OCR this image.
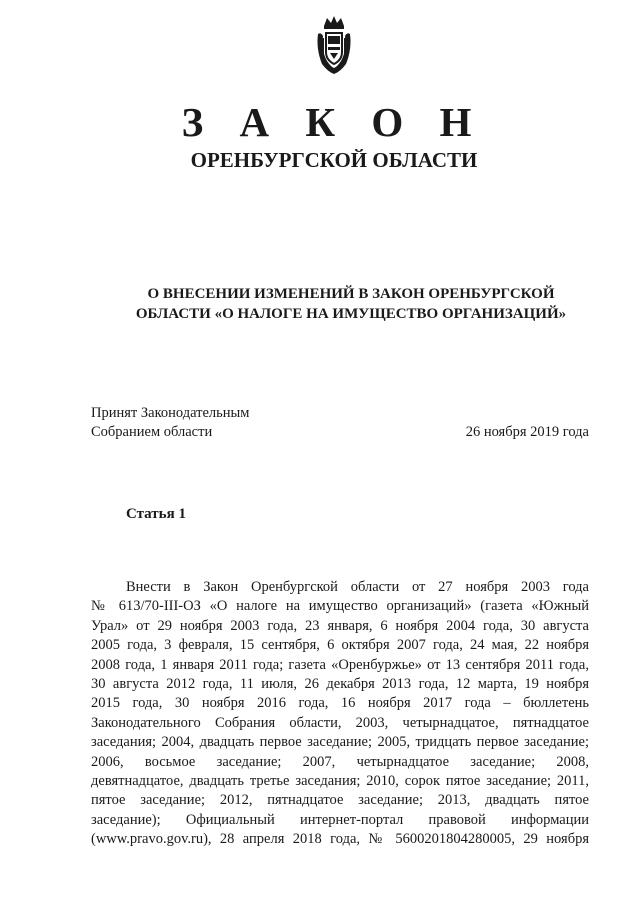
З А К О Н
ОРЕНБУРГСКОЙ ОБЛАСТИ
О ВНЕСЕНИИ ИЗМЕНЕНИЙ В ЗАКОН ОРЕНБУРГСКОЙ
ОБЛАСТИ «О НАЛОГЕ НА ИМУЩЕСТВО ОРГАНИЗАЦИЙ»
Принят Законодательным
Собранием области	26 ноября 2019 года
Статья 1
Внести в Закон Оренбургской области от 27 ноября 2003 года
№ 613/70-III-ОЗ «О налоге на имущество организаций» (газета «Южный
Урал» от 29 ноября 2003 года, 23 января, 6 ноября 2004 года, 30 августа
2005 года, 3 февраля, 15 сентября, 6 октября 2007 года, 24 мая, 22 ноября
2008 года, 1 января 2011 года; газета «Оренбуржье» от 13 сентября 2011 года,
30 августа 2012 года, 11 июля, 26 декабря 2013 года, 12 марта, 19 ноября
2015 года, 30 ноября 2016 года, 16 ноября 2017 года – бюллетень
Законодательного Собрания области, 2003, четырнадцатое, пятнадцатое
заседания; 2004, двадцать первое заседание; 2005, тридцать первое заседание;
2006, восьмое заседание; 2007, четырнадцатое заседание; 2008,
девятнадцатое, двадцать третье заседания; 2010, сорок пятое заседание; 2011,
пятое заседание; 2012, пятнадцатое заседание; 2013, двадцать пятое
заседание); Официальный интернет-портал правовой информации
(www.pravo.gov.ru), 28 апреля 2018 года, № 5600201804280005, 29 ноября
